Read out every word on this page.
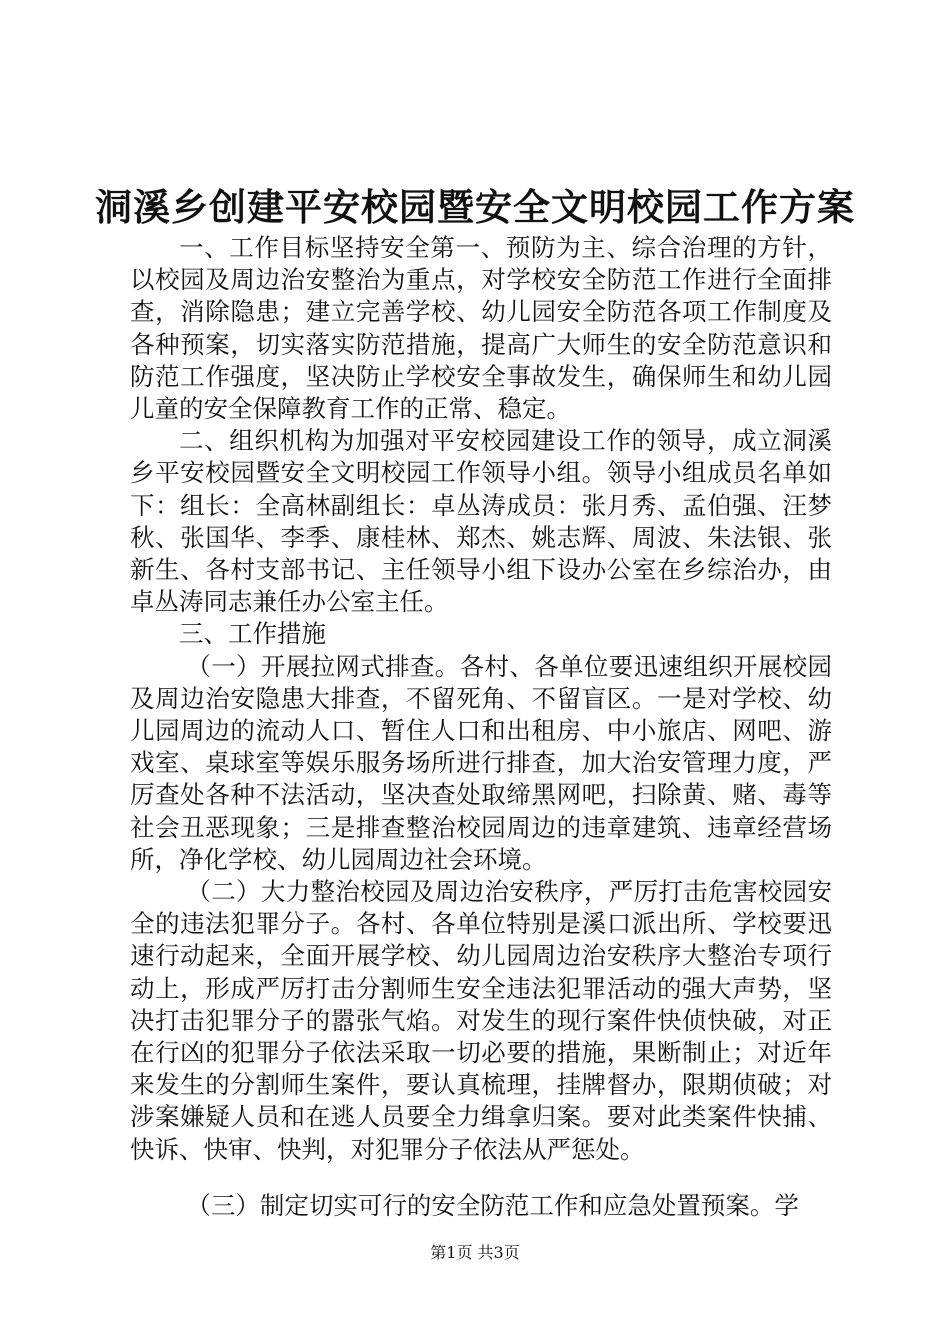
洞溪乡创建平安校园暨安全文明校园工作方案

一、工作目标坚持安全第一、预防为主、综合治理的方针，以校园及周边治安整治为重点，对学校安全防范工作进行全面排查，消除隐患；建立完善学校、幼儿园安全防范各项工作制度及各种预案，切实落实防范措施，提高广大师生的安全防范意识和防范工作强度，坚决防止学校安全事故发生，确保师生和幼儿园儿童的安全保障教育工作的正常、稳定。

二、组织机构为加强对平安校园建设工作的领导，成立洞溪乡平安校园暨安全文明校园工作领导小组。领导小组成员名单如下：组长：全高林副组长：卓丛涛成员：张月秀、孟伯强、汪梦秋、张国华、李季、康桂林、郑杰、姚志辉、周波、朱法银、张新生、各村支部书记、主任领导小组下设办公室在乡综治办，由卓丛涛同志兼任办公室主任。

三、工作措施

（一）开展拉网式排查。各村、各单位要迅速组织开展校园及周边治安隐患大排查，不留死角、不留盲区。一是对学校、幼儿园周边的流动人口、暂住人口和出租房、中小旅店、网吧、游戏室、桌球室等娱乐服务场所进行排查，加大治安管理力度，严厉查处各种不法活动，坚决查处取缔黑网吧，扫除黄、赌、毒等社会丑恶现象；三是排查整治校园周边的违章建筑、违章经营场所，净化学校、幼儿园周边社会环境。

（二）大力整治校园及周边治安秩序，严厉打击危害校园安全的违法犯罪分子。各村、各单位特别是溪口派出所、学校要迅速行动起来，全面开展学校、幼儿园周边治安秩序大整治专项行动上，形成严厉打击分割师生安全违法犯罪活动的强大声势，坚决打击犯罪分子的嚣张气焰。对发生的现行案件快侦快破，对正在行凶的犯罪分子依法采取一切必要的措施，果断制止；对近年来发生的分割师生案件，要认真梳理，挂牌督办，限期侦破；对涉案嫌疑人员和在逃人员要全力缉拿归案。要对此类案件快捕、快诉、快审、快判，对犯罪分子依法从严惩处。

（三）制定切实可行的安全防范工作和应急处置预案。学

第1页 共3页
